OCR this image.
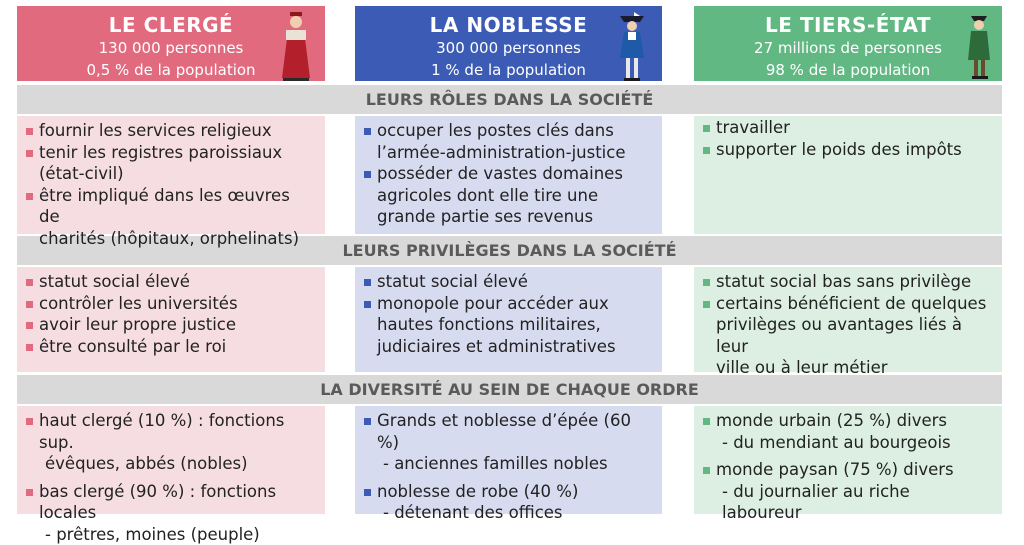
LE CLERGÉ
130 000 personnes
0,5 % de la population
LA NOBLESSE
300 000 personnes
1 % de la population
LE TIERS-ÉTAT
27 millions de personnes
98 % de la population
LEURS RÔLES DANS LA SOCIÉTÉ
LEURS PRIVILÈGES DANS LA SOCIÉTÉ
LA DIVERSITÉ AU SEIN DE CHAQUE ORDRE
fournir les services religieux
tenir les registres paroissiaux
(état-civil)
être impliqué dans les œuvres de
charités (hôpitaux, orphelinats)
occuper les postes clés dans
l’armée-administration-justice
posséder de vastes domaines
agricoles dont elle tire une
grande partie ses revenus
travailler
supporter le poids des impôts
statut social élevé
contrôler les universités
avoir leur propre justice
être consulté par le roi
statut social élevé
monopole pour accéder aux
hautes fonctions militaires,
judiciaires et administratives
statut social bas sans privilège
certains bénéficient de quelques
privilèges ou avantages liés à leur
ville ou à leur métier
haut clergé (10 %) : fonctions sup.

évêques, abbés (nobles)
bas clergé (90 %) : fonctions locales

- prêtres, moines (peuple)
Grands et noblesse d’épée (60 %)

- anciennes familles nobles
noblesse de robe (40 %)

- détenant des offices
monde urbain (25 %) divers

- du mendiant au bourgeois
monde paysan (75 %) divers

- du journalier au riche laboureur
